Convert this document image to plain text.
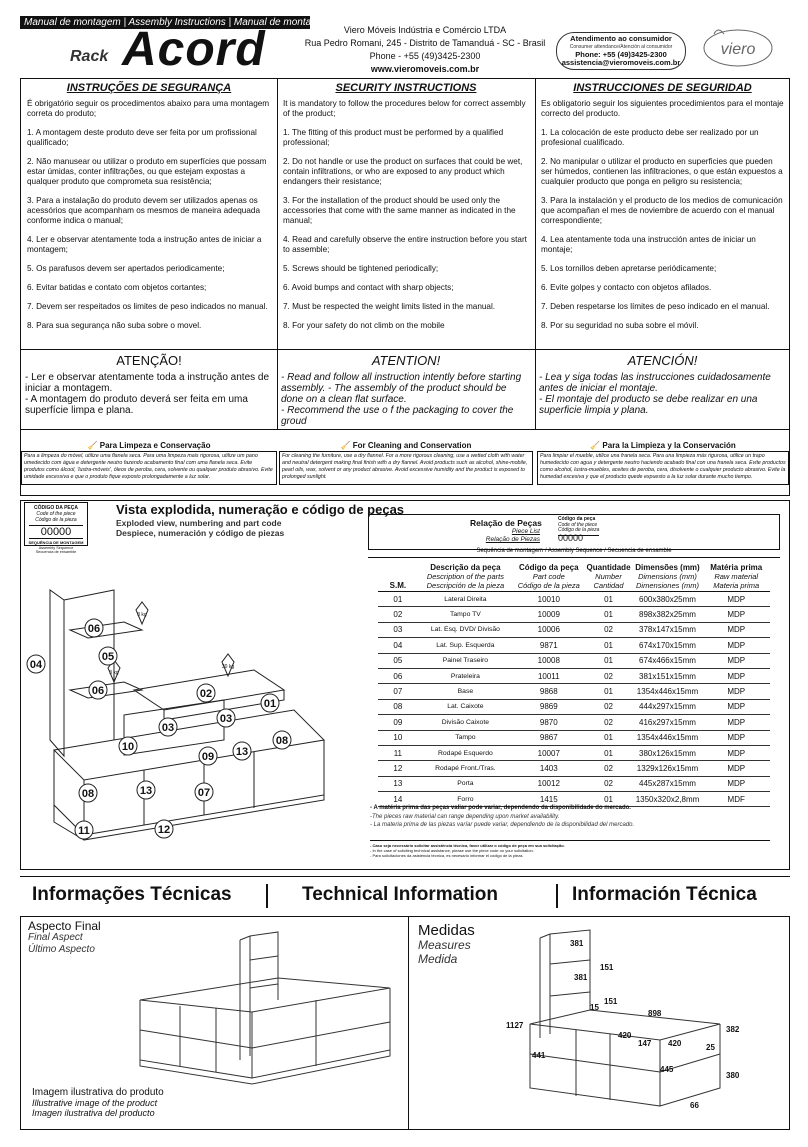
Manual de montagem | Assembly Instructions | Manual de montaje
Rack Acord	Viero Móveis Indústria e Comércio LTDA
Rua Pedro Romani, 245 - Distrito de Tamanduá - SC - Brasil
Phone - +55 (49)3425-2300
www.vieromoveis.com.br
Atendimento ao consumidor
Consumer attendance/Atención al consumidor
Phone: +55 (49)3425-2300
assistencia@vieromoveis.com.br
viero
INSTRUÇÕES DE SEGURANÇA

É obrigatório seguir os procedimentos abaixo para uma montagem correta do produto;

1. A montagem deste produto deve ser feita por um profissional qualificado;

2. Não manusear ou utilizar o produto em superfícies que possam estar úmidas, conter infiltrações, ou que estejam expostas a qualquer produto que comprometa sua resistência;

3. Para a instalação do produto devem ser utilizados apenas os acessórios que acompanham os mesmos de maneira adequada conforme indica o manual;

4. Ler e observar atentamente toda a instrução antes de iniciar a montagem;

5. Os parafusos devem ser apertados periodicamente;

6. Evitar batidas e contato com objetos cortantes;

7. Devem ser respeitados os limites de peso indicados no manual.

8. Para sua segurança não suba sobre o movel.

SECURITY INSTRUCTIONS

It is mandatory to follow the procedures below for correct assembly of the product;

1. The fitting of this product must be performed by a qualified professional;

2. Do not handle or use the product on surfaces that could be wet, contain infiltrations, or who are exposed to any product which endangers their resistance;

3. For the installation of the product should be used only the accessories that come with the same manner as indicated in the manual;

4. Read and carefully observe the entire instruction before you start to assemble;

5. Screws should be tightened periodically;

6. Avoid bumps and contact with sharp objects;

7. Must be respected the weight limits listed in the manual.

8. For your safety do not climb on the mobile

INSTRUCCIONES DE SEGURIDAD

Es obligatorio seguir los siguientes procedimientos para el montaje correcto del producto.

1. La colocación de este producto debe ser realizado por un profesional cualificado.

2. No manipular o utilizar el producto en superficies que pueden ser húmedos, contienen las infiltraciones, o que están expuestos a cualquier producto que ponga en peligro su resistencia;

3. Para la instalación y el producto de los medios de comunicación que acompañan el mes de noviembre de acuerdo con el manual correspondiente;

4. Lea atentamente toda una instrucción antes de iniciar un montaje;

5. Los tornillos deben apretarse periódicamente;

6. Evite golpes y contacto con objetos afilados.

7. Deben respetarse los límites de peso indicado en el manual.

8. Por su seguridad no suba sobre el móvil.

ATENÇÃO!
- Ler e observar atentamente toda a instrução antes de iniciar a montagem.
- A montagem do produto deverá ser feita em uma superfície limpa e plana.
ATENTION!
- Read and follow all instruction intently before starting assembly. - The assembly of the product should be done on a clean flat surface.
- Recommend the use o f the packaging to cover the groud
ATENCIÓN!
- Lea y siga todas las instrucciones cuidadosamente antes de iniciar el montaje.
- El montaje del producto se debe realizar en una superficie limpia y plana.
🧹 Para Limpeza e Conservação
Para a limpeza do móvel, utilize uma flanela seca. Para uma limpeza mais rigorosa, utilize um pano umedecido com água e detergente neutro fazendo acabamento final com uma flanela seca. Evite produtos como álcool, 'lustra-móveis', óleos de peroba, cera, solvente ou qualquer produto abrasivo. Evite umidade excessiva e que o produto fique exposto prolongadamente a luz solar.
🧹 For Cleaning and Conservation
For cleaning the furniture, use a dry flannel. For a more rigorous cleaning, use a wetted cloth with water and neutral detergent making final finish with a dry flannel. Avoid products such as alcohol, shine-mobile, pearl oils, wax, solvent or any product abrasive. Avoid excessive humidity and the product is exposed to prolonged sunlight.
🧹 Para la Limpieza y la Conservación
Para limpiar el mueble, utilice una franela seca. Para una limpieza más rigurosa, utilice un trapo humedecido con agua y detergente neutro haciendo acabado final con una franela seca. Evite productos como alcohol, lustra-muebles, aceites de peroba, cera, disolvente o cualquier producto abrasivo. Evite la humedad excesiva y que el producto quede expuesto a la luz solar durante mucho tiempo.
CÓDIGO DA PEÇA
Code of the piece
Código de la pieza
00000
SEQUÊNCIA DE MONTAGEM
Assembly Sequence
Secuencia de ensamble
Vista explodida, numeração e código de peças
Exploded view, numbering and part code
Despiece, numeración y código de piezas
01
02
03
03
04
05
06
06
07
08
08
09
10
11	12
13
13
3 kg
3 kg
30 kg
Relação de Peças
Piece List
Relação de Piezas
Código da peça
Code of the piece
Código de la pieza
00000
Sequência de montagem / Assembly Sequence / Secuencia de ensamble
S.M.	Descrição da peça
Description of the parts
Descripción de la pieza	Código da peça
Part code
Código de la pieza	Quantidade
Number
Cantidad	Dimensões (mm)
Dimensions (mm)
Dimensiones (mm)	Matéria prima
Raw material
Materia prima

01	Lateral Direita	10010	01	600x380x25mm	MDP
02	Tampo TV	10009	01	898x382x25mm	MDP
03	Lat. Esq. DVD/ Divisão	10006	02	378x147x15mm	MDP
04	Lat. Sup. Esquerda	9871	01	674x170x15mm	MDP
05	Painel Traseiro	10008	01	674x466x15mm	MDP
06	Prateleira	10011	02	381x151x15mm	MDP
07	Base	9868	01	1354x446x15mm	MDP
08	Lat. Caixote	9869	02	444x297x15mm	MDP
09	Divisão Caixote	9870	02	416x297x15mm	MDP
10	Tampo	9867	01	1354x446x15mm	MDP
11	Rodapé Esquerdo	10007	01	380x126x15mm	MDP
12	Rodapé Front./Tras.	1403	02	1329x126x15mm	MDP
13	Porta	10012	02	445x287x15mm	MDP
14	Forro	1415	01	1350x320x2,8mm	MDF
- A matéria prima das peças valiar pode variar, dependendo da disponibilidade do mercado.
-The pieces raw material can range depending upon market availability.
- La materia prima de las piezas varíar puede variar, dependiendo de la disponibilidad del mercado.
- Caso seja necessário solicitar assistência técnica, favor utilizar o código de peça em sua solicitação.
- In the case of soliciting technical assistance, please use the piece code on your solicitation.
- Para solicitaciones da asistencia técnica, es necesario informar el código de la pieza.
Informações Técnicas	Technical Information	Información Técnica
Aspecto Final
Final Aspect
Último Aspecto
Imagem ilustrativa do produto
Illustrative image of the product
Imagen ilustrativa del producto
Medidas
Measures
Medida
381
151
381
15
151
898
420
147 420	25
382
441
445
380
66
1127
